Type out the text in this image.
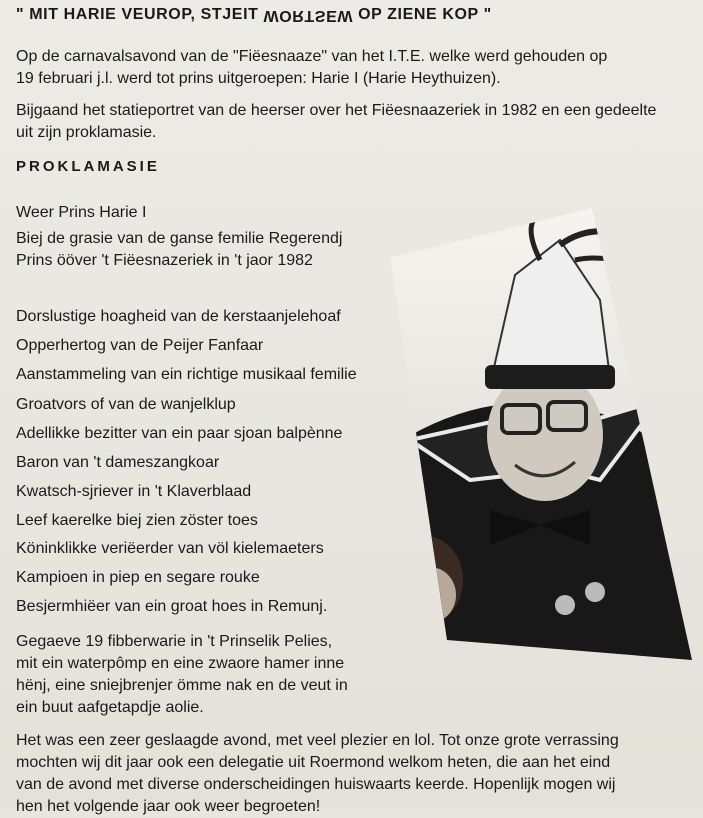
" MIT HARIE VEUROP, STJEIT WORTSEW OP ZIENE KOP "
Op de carnavalsavond van de "Fiëesnaaze" van het I.T.E. welke werd gehouden op
19 februari j.l. werd tot prins uitgeroepen: Harie I (Harie Heythuizen).
Bijgaand het statieportret van de heerser over het Fiëesnaazeriek in 1982 en een gedeelte
uit zijn proklamasie.
PROKLAMASIE
Weer Prins Harie I
Biej de grasie van de ganse femilie Regerendj
Prins ööver 't Fiëesnazeriek in 't jaor 1982
Dorslustige hoagheid van de kerstaanjelehoaf
Opperhertog van de Peijer Fanfaar
Aanstammeling van ein richtige musikaal femilie
Groatvors of van de wanjelklup
Adellikke bezitter van ein paar sjoan balpènne
Baron van 't dameszangkoar
Kwatsch-sjriever in 't Klaverblaad
Leef kaerelke biej zien zöster toes
Köninklikke veriëerder van völ kielemaeters
Kampioen in piep en segare rouke
Besjermhiëer van ein groat hoes in Remunj.
Gegaeve 19 fibberwarie in 't Prinselik Pelies,
mit ein waterpômp en eine zwaore hamer inne
hënj, eine sniejbrenjer ömme nak en de veut in
ein buut aafgetapdje aolie.
Het was een zeer geslaagde avond, met veel plezier en lol. Tot onze grote verrassing
mochten wij dit jaar ook een delegatie uit Roermond welkom heten, die aan het eind
van de avond met diverse onderscheidingen huiswaarts keerde. Hopenlijk mogen wij
hen het volgende jaar ook weer begroeten!
